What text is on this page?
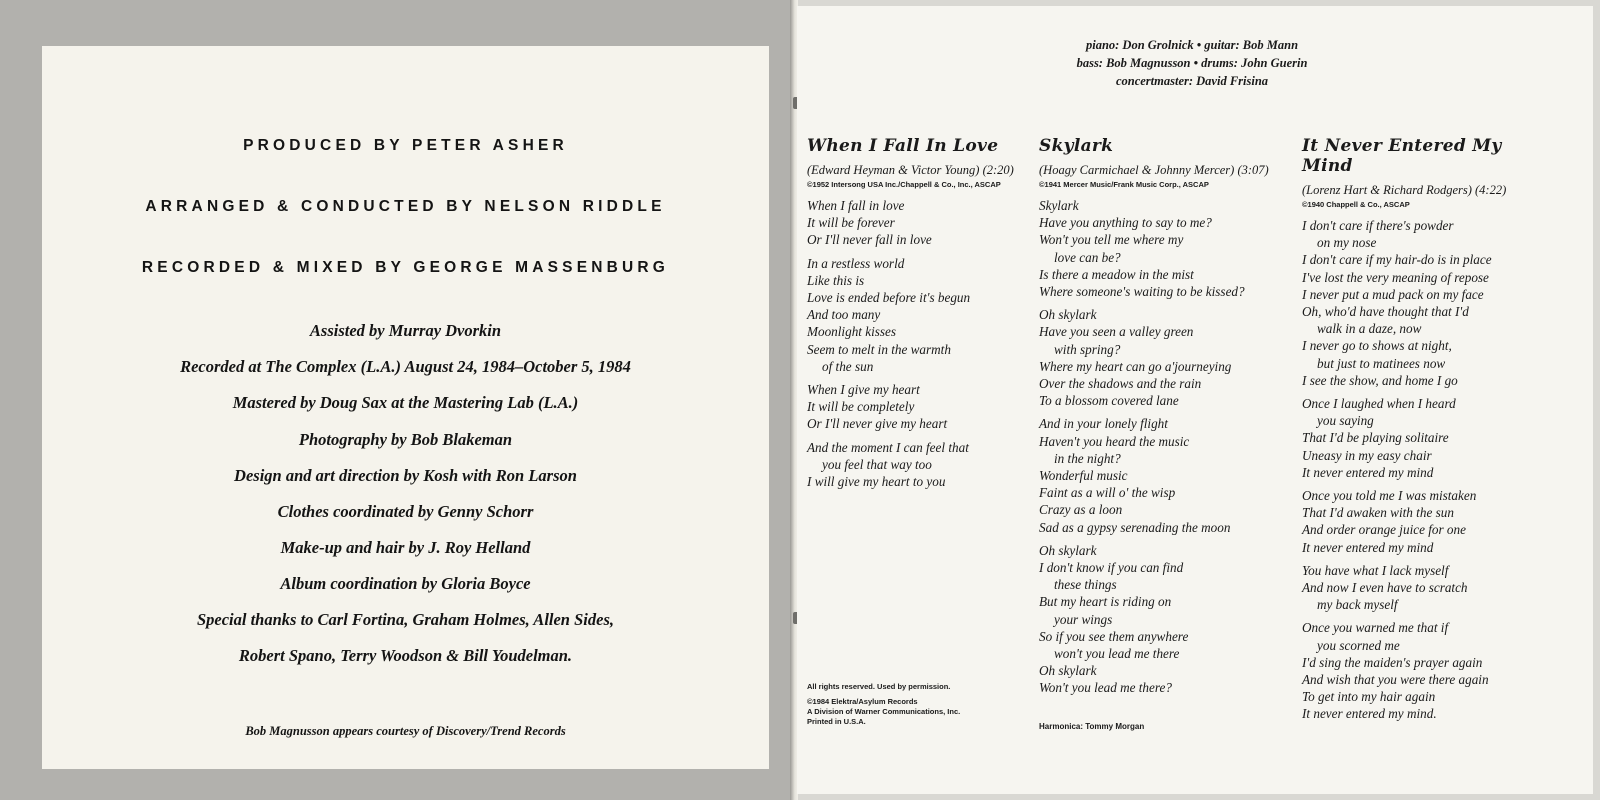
PRODUCED BY PETER ASHER
ARRANGED & CONDUCTED BY NELSON RIDDLE
RECORDED & MIXED BY GEORGE MASSENBURG
Assisted by Murray Dvorkin
Recorded at The Complex (L.A.) August 24, 1984–October 5, 1984
Mastered by Doug Sax at the Mastering Lab (L.A.)
Photography by Bob Blakeman
Design and art direction by Kosh with Ron Larson
Clothes coordinated by Genny Schorr
Make-up and hair by J. Roy Helland
Album coordination by Gloria Boyce
Special thanks to Carl Fortina, Graham Holmes, Allen Sides,
Robert Spano, Terry Woodson & Bill Youdelman.
Bob Magnusson appears courtesy of Discovery/Trend Records
piano: Don Grolnick • guitar: Bob Mann
bass: Bob Magnusson • drums: John Guerin
concertmaster: David Frisina
When I Fall In Love
(Edward Heyman & Victor Young) (2:20)
©1952 Intersong USA Inc./Chappell & Co., Inc., ASCAP
When I fall in love
It will be forever
Or I'll never fall in love
In a restless world
Like this is
Love is ended before it's begun
And too many
Moonlight kisses
Seem to melt in the warmth
of the sun
When I give my heart
It will be completely
Or I'll never give my heart
And the moment I can feel that
you feel that way too
I will give my heart to you
Skylark
(Hoagy Carmichael & Johnny Mercer) (3:07)
©1941 Mercer Music/Frank Music Corp., ASCAP
Skylark
Have you anything to say to me?
Won't you tell me where my
love can be?
Is there a meadow in the mist
Where someone's waiting to be kissed?
Oh skylark
Have you seen a valley green
with spring?
Where my heart can go a'journeying
Over the shadows and the rain
To a blossom covered lane
And in your lonely flight
Haven't you heard the music
in the night?
Wonderful music
Faint as a will o' the wisp
Crazy as a loon
Sad as a gypsy serenading the moon
Oh skylark
I don't know if you can find
these things
But my heart is riding on
your wings
So if you see them anywhere
won't you lead me there
Oh skylark
Won't you lead me there?
It Never Entered My Mind
(Lorenz Hart & Richard Rodgers) (4:22)
©1940 Chappell & Co., ASCAP
I don't care if there's powder
on my nose
I don't care if my hair-do is in place
I've lost the very meaning of repose
I never put a mud pack on my face
Oh, who'd have thought that I'd
walk in a daze, now
I never go to shows at night,
but just to matinees now
I see the show, and home I go
Once I laughed when I heard
you saying
That I'd be playing solitaire
Uneasy in my easy chair
It never entered my mind
Once you told me I was mistaken
That I'd awaken with the sun
And order orange juice for one
It never entered my mind
You have what I lack myself
And now I even have to scratch
my back myself
Once you warned me that if
you scorned me
I'd sing the maiden's prayer again
And wish that you were there again
To get into my hair again
It never entered my mind.
All rights reserved. Used by permission.
©1984 Elektra/Asylum Records
A Division of Warner Communications, Inc.
Printed in U.S.A.
Harmonica: Tommy Morgan
